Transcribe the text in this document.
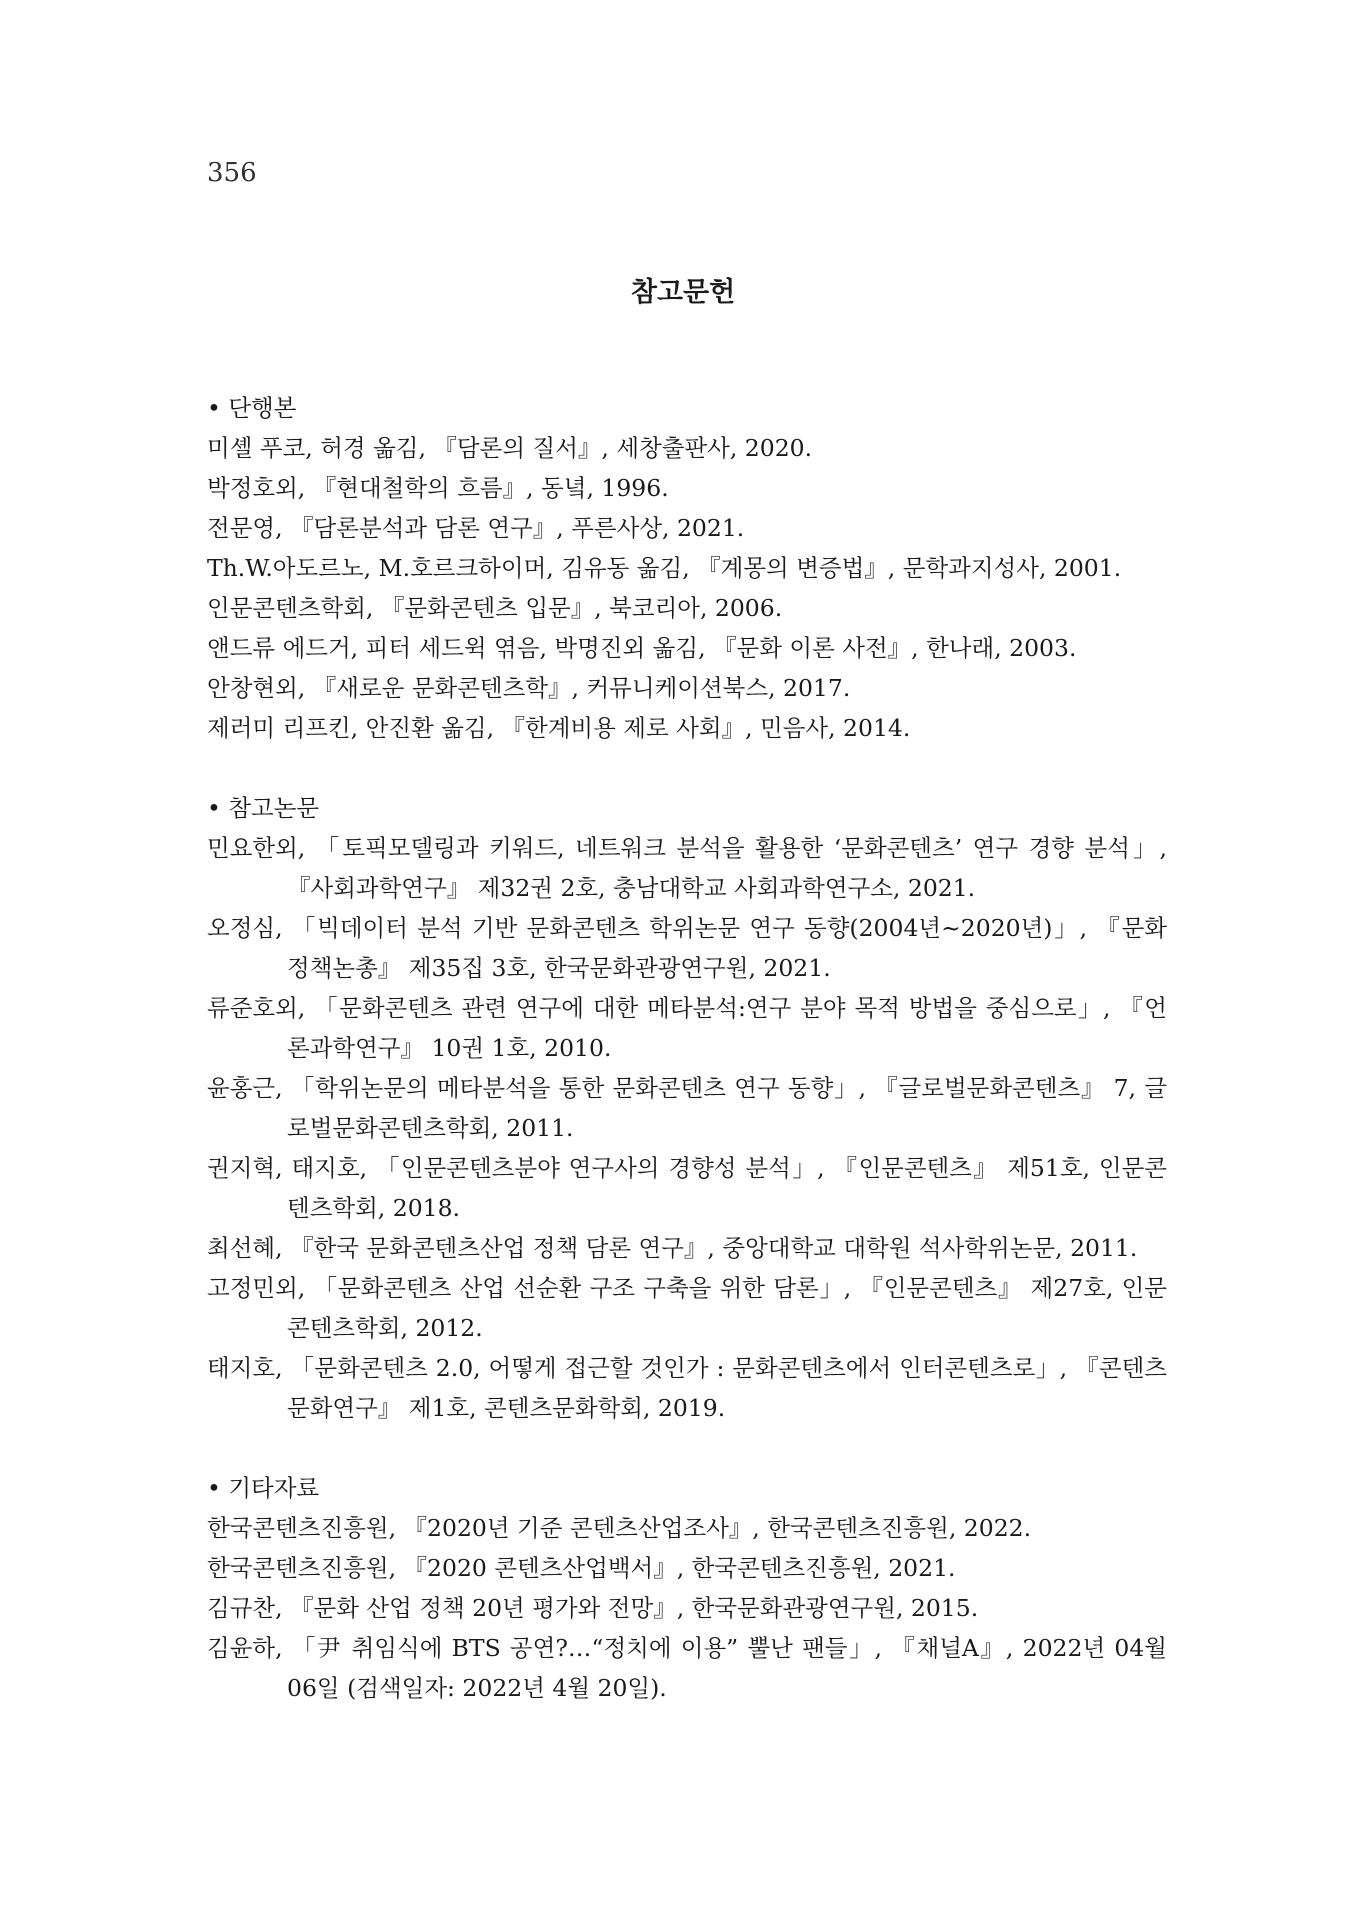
356
참고문헌

• 단행본

미셸 푸코, 허경 옮김, 『담론의 질서』, 세창출판사, 2020.
박정호외, 『현대철학의 흐름』, 동녘, 1996.
전문영, 『담론분석과 담론 연구』, 푸른사상, 2021.
Th.W.아도르노, M.호르크하이머, 김유동 옮김, 『계몽의 변증법』, 문학과지성사, 2001.
인문콘텐츠학회, 『문화콘텐츠 입문』, 북코리아, 2006.
앤드류 에드거, 피터 세드윅 엮음, 박명진외 옮김, 『문화 이론 사전』, 한나래, 2003.
안창현외, 『새로운 문화콘텐츠학』, 커뮤니케이션북스, 2017.
제러미 리프킨, 안진환 옮김, 『한계비용 제로 사회』, 민음사, 2014.

• 참고논문

민요한외, 「토픽모델링과 키워드, 네트워크 분석을 활용한 ‘문화콘텐츠’ 연구 경향 분석」, 『사회과학연구』 제32권 2호, 충남대학교 사회과학연구소, 2021.
오정심, 「빅데이터 분석 기반 문화콘텐츠 학위논문 연구 동향(2004년~2020년)」, 『문화정책논총』 제35집 3호, 한국문화관광연구원, 2021.
류준호외, 「문화콘텐츠 관련 연구에 대한 메타분석:연구 분야 목적 방법을 중심으로」, 『언론과학연구』 10권 1호, 2010.
윤홍근, 「학위논문의 메타분석을 통한 문화콘텐츠 연구 동향」, 『글로벌문화콘텐츠』 7, 글로벌문화콘텐츠학회, 2011.
권지혁, 태지호, 「인문콘텐츠분야 연구사의 경향성 분석」, 『인문콘텐츠』 제51호, 인문콘텐츠학회, 2018.
최선혜, 『한국 문화콘텐츠산업 정책 담론 연구』, 중앙대학교 대학원 석사학위논문, 2011.
고정민외, 「문화콘텐츠 산업 선순환 구조 구축을 위한 담론」, 『인문콘텐츠』 제27호, 인문콘텐츠학회, 2012.
태지호, 「문화콘텐츠 2.0, 어떻게 접근할 것인가 : 문화콘텐츠에서 인터콘텐츠로」, 『콘텐츠문화연구』 제1호, 콘텐츠문화학회, 2019.

• 기타자료

한국콘텐츠진흥원, 『2020년 기준 콘텐츠산업조사』, 한국콘텐츠진흥원, 2022.
한국콘텐츠진흥원, 『2020 콘텐츠산업백서』, 한국콘텐츠진흥원, 2021.
김규찬, 『문화 산업 정책 20년 평가와 전망』, 한국문화관광연구원, 2015.
김윤하, 「尹 취임식에 BTS 공연?…“정치에 이용” 뿔난 팬들」, 『채널A』, 2022년 04월 06일 (검색일자: 2022년 4월 20일).
